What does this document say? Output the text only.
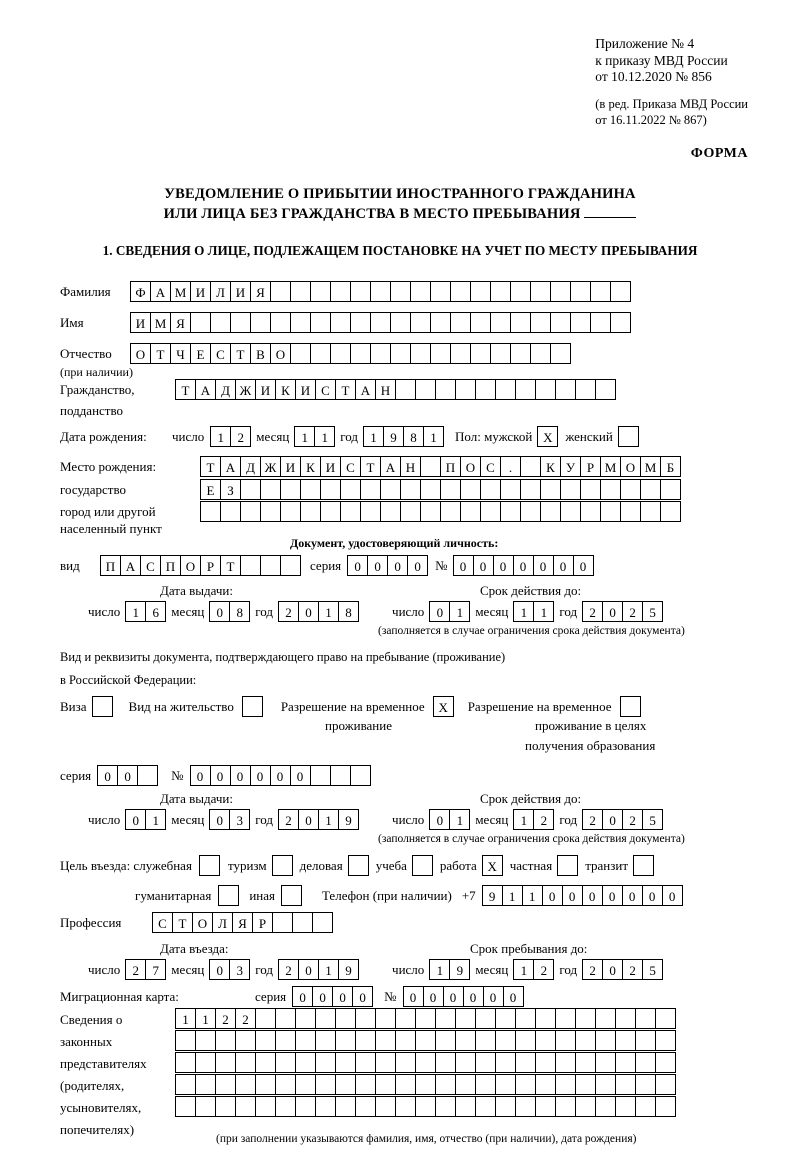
Приложение № 4
к приказу МВД России
от 10.12.2020 № 856
(в ред. Приказа МВД России
от 16.11.2022 № 867)
ФОРМА
УВЕДОМЛЕНИЕ О ПРИБЫТИИ ИНОСТРАННОГО ГРАЖДАНИНА
ИЛИ ЛИЦА БЕЗ ГРАЖДАНСТВА В МЕСТО ПРЕБЫВАНИЯ
1. СВЕДЕНИЯ О ЛИЦЕ, ПОДЛЕЖАЩЕМ ПОСТАНОВКЕ НА УЧЕТ ПО МЕСТУ ПРЕБЫВАНИЯ
Фамилия	Ф А М И Л И Я
Имя	И М Я
Отчество	О Т Ч Е С Т В О
(при наличии)
Гражданство,	Т А Д Ж И К И С Т А Н
подданство
Дата рождения:	число	1	2 месяц 1	1 год 1	9	8	1	Пол: мужской X женский
Место рождения:	Т А Д Ж И К И С Т А Н	П О С	.	К У Р М О М Б
государство	Е З
город или другой
населенный пункт
Документ, удостоверяющий личность:
вид	П А С П О Р Т	серия	0	0	0	0	№ 0	0	0	0	0	0	0
Дата выдачи:	Срок действия до:
число 1	6 месяц 0	8 год 2	0	1	8	число 0	1 месяц 1	1 год 2	0	2	5
(заполняется в случае ограничения срока действия документа)
Вид и реквизиты документа, подтверждающего право на пребывание (проживание)
в Российской Федерации:
Виза	Вид на жительство	Разрешение на временное	X	Разрешение на временное
проживание	проживание в целях
получения образования
серия	0	0	№	0	0	0	0	0	0
Дата выдачи:	Срок действия до:
число 0	1 месяц 0	3 год 2	0	1	9	число 0	1 месяц 1	2 год 2	0	2	5
(заполняется в случае ограничения срока действия документа)
Цель въезда: служебная	туризм	деловая	учеба	работа X частная	транзит
гуманитарная	иная	Телефон (при наличии) +7	9	1	1	0	0	0	0	0	0	0
Профессия	С Т О Л Я Р
Дата въезда:	Срок пребывания до:
число 2	7 месяц 0	3 год 2	0	1	9	число 1	9 месяц 1	2 год 2	0	2	5
Миграционная карта:	серия	0	0	0	0	№	0	0	0	0	0	0
Сведения о
законных
представителях
(родителях,
усыновителях,
попечителях)
1	1	2	2
(при заполнении указываются фамилия, имя, отчество (при наличии), дата рождения)
